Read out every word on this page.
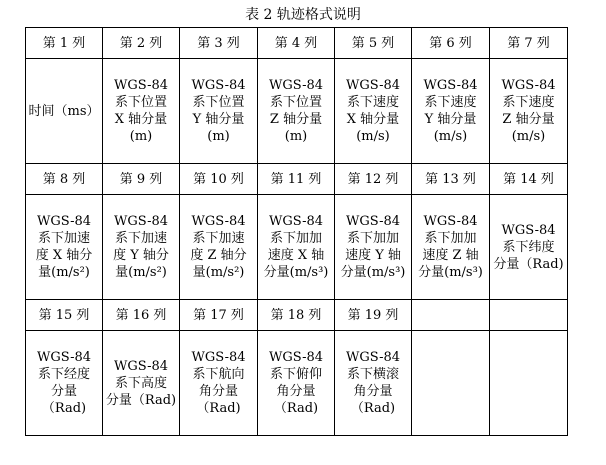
表 2 轨迹格式说明
第 1 列	第 2 列	第 3 列	第 4 列	第 5 列	第 6 列	第 7 列

时间（ms）	WGS-84
系下位置
X 轴分量
(m)	WGS-84
系下位置
Y 轴分量
(m)	WGS-84
系下位置
Z 轴分量
(m)	WGS-84
系下速度
X 轴分量
(m/s)	WGS-84
系下速度
Y 轴分量
(m/s)	WGS-84
系下速度
Z 轴分量
(m/s)

第 8 列	第 9 列	第 10 列	第 11 列	第 12 列	第 13 列	第 14 列

WGS-84
系下加速
度 X 轴分
量(m/s²)	WGS-84
系下加速
度 Y 轴分
量(m/s²)	WGS-84
系下加速
度 Z 轴分
量(m/s²)	WGS-84
系下加加
速度 X 轴
分量(m/s³)	WGS-84
系下加加
速度 Y 轴
分量(m/s³)	WGS-84
系下加加
速度 Z 轴
分量(m/s³)	WGS-84
系下纬度
分量（Rad)

第 15 列	第 16 列	第 17 列	第 18 列	第 19 列		

WGS-84
系下经度
分量
（Rad)	WGS-84
系下高度
分量（Rad)	WGS-84
系下航向
角分量
（Rad)	WGS-84
系下俯仰
角分量
（Rad)	WGS-84
系下横滚
角分量
（Rad)		
